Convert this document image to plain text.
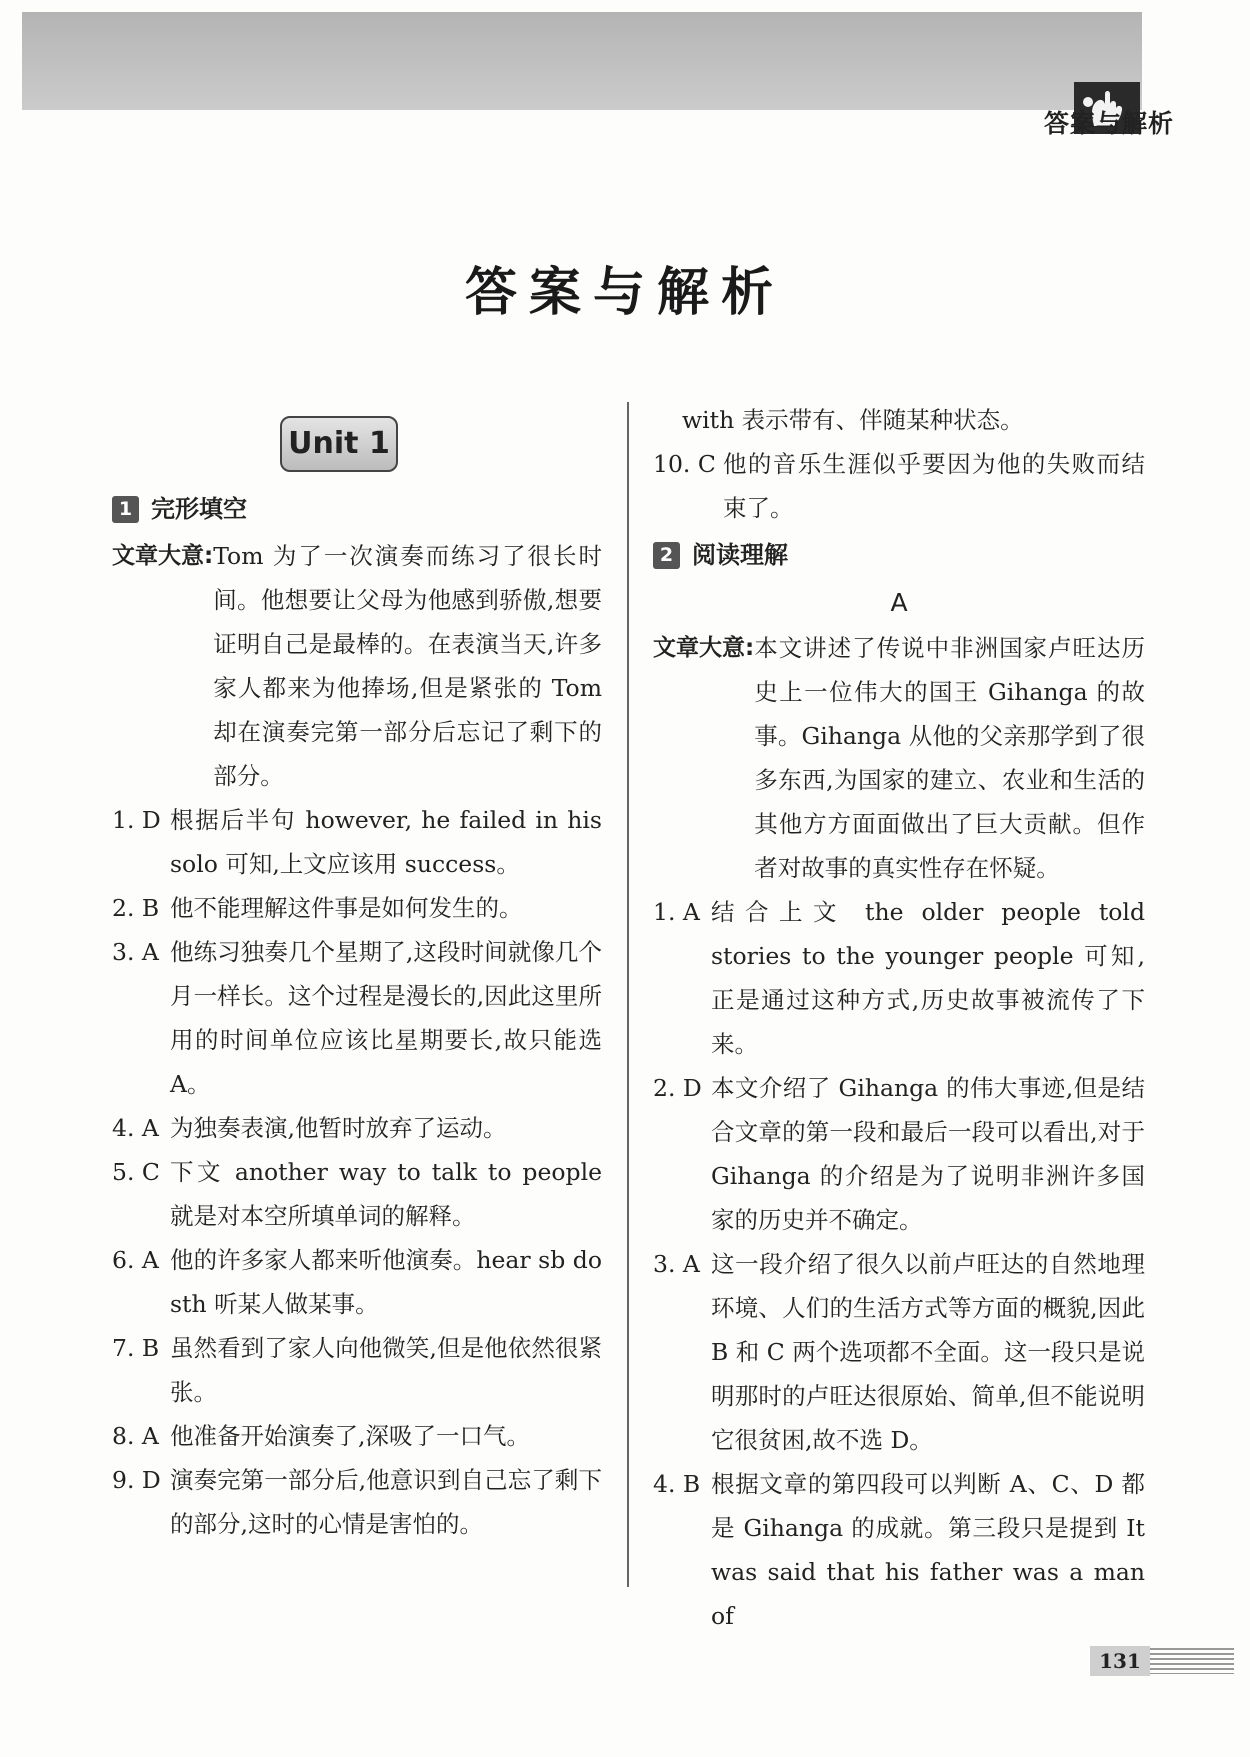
答案与解析
答案与解析
Unit 1
1 完形填空
文章大意: Tom 为了一次演奏而练习了很长时间。他想要让父母为他感到骄傲,想要证明自己是最棒的。在表演当天,许多家人都来为他捧场,但是紧张的 Tom 却在演奏完第一部分后忘记了剩下的部分。
1. D 根据后半句 however, he failed in his solo 可知,上文应该用 success。
2. B 他不能理解这件事是如何发生的。
3. A 他练习独奏几个星期了,这段时间就像几个月一样长。这个过程是漫长的,因此这里所用的时间单位应该比星期要长,故只能选 A。
4. A 为独奏表演,他暂时放弃了运动。
5. C 下文 another way to talk to people 就是对本空所填单词的解释。
6. A 他的许多家人都来听他演奏。hear sb do sth 听某人做某事。
7. B 虽然看到了家人向他微笑,但是他依然很紧张。
8. A 他准备开始演奏了,深吸了一口气。
9. D 演奏完第一部分后,他意识到自己忘了剩下的部分,这时的心情是害怕的。
with 表示带有、伴随某种状态。
10. C 他的音乐生涯似乎要因为他的失败而结束了。
2 阅读理解
A
文章大意: 本文讲述了传说中非洲国家卢旺达历史上一位伟大的国王 Gihanga 的故事。Gihanga 从他的父亲那学到了很多东西,为国家的建立、农业和生活的其他方方面面做出了巨大贡献。但作者对故事的真实性存在怀疑。
1. A 结合上文 the older people told stories to the younger people 可知,正是通过这种方式,历史故事被流传了下来。
2. D 本文介绍了 Gihanga 的伟大事迹,但是结合文章的第一段和最后一段可以看出,对于 Gihanga 的介绍是为了说明非洲许多国家的历史并不确定。
3. A 这一段介绍了很久以前卢旺达的自然地理环境、人们的生活方式等方面的概貌,因此 B 和 C 两个选项都不全面。这一段只是说明那时的卢旺达很原始、简单,但不能说明它很贫困,故不选 D。
4. B 根据文章的第四段可以判断 A、C、D 都是 Gihanga 的成就。第三段只是提到 It was said that his father was a man of
131
